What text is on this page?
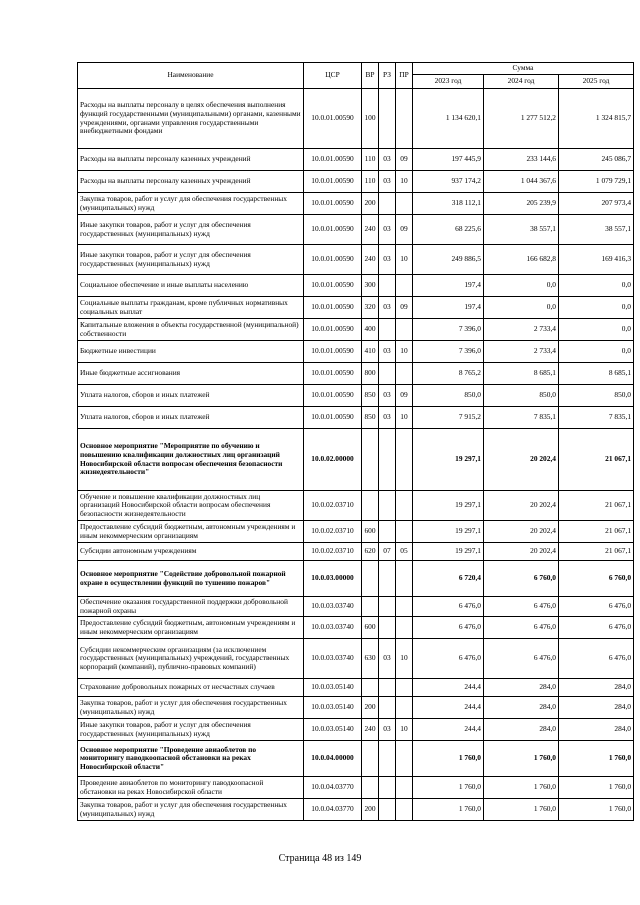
Наименование	ЦСР	ВР	РЗ	ПР	Сумма		
					2023 год	2024 год	2025 год
Расходы на выплаты персоналу в целях обеспечения выполнения функций государственными (муниципальными) органами, казенными учреждениями, органами управления государственными внебюджетными фондами	10.0.01.00590	100			1 134 620,1	1 277 512,2	1 324 815,7
Расходы на выплаты персоналу казенных учреждений	10.0.01.00590	110	03	09	197 445,9	233 144,6	245 086,7
Расходы на выплаты персоналу казенных учреждений	10.0.01.00590	110	03	10	937 174,2	1 044 367,6	1 079 729,1
Закупка товаров, работ и услуг для обеспечения государственных (муниципальных) нужд	10.0.01.00590	200			318 112,1	205 239,9	207 973,4
Иные закупки товаров, работ и услуг для обеспечения государственных (муниципальных) нужд	10.0.01.00590	240	03	09	68 225,6	38 557,1	38 557,1
Иные закупки товаров, работ и услуг для обеспечения государственных (муниципальных) нужд	10.0.01.00590	240	03	10	249 886,5	166 682,8	169 416,3
Социальное обеспечение и иные выплаты населению	10.0.01.00590	300			197,4	0,0	0,0
Социальные выплаты гражданам, кроме публичных нормативных социальных выплат	10.0.01.00590	320	03	09	197,4	0,0	0,0
Капитальные вложения в объекты государственной (муниципальной) собственности	10.0.01.00590	400			7 396,0	2 733,4	0,0
Бюджетные инвестиции	10.0.01.00590	410	03	10	7 396,0	2 733,4	0,0
Иные бюджетные ассигнования	10.0.01.00590	800			8 765,2	8 685,1	8 685,1
Уплата налогов, сборов и иных платежей	10.0.01.00590	850	03	09	850,0	850,0	850,0
Уплата налогов, сборов и иных платежей	10.0.01.00590	850	03	10	7 915,2	7 835,1	7 835,1
Основное мероприятие "Мероприятие по обучению и повышению квалификации должностных лиц организаций Новосибирской области вопросам обеспечения безопасности жизнедеятельности"	10.0.02.00000				19 297,1	20 202,4	21 067,1
Обучение и повышение квалификации должностных лиц организаций Новосибирской области вопросам обеспечения безопасности жизнедеятельности	10.0.02.03710				19 297,1	20 202,4	21 067,1
Предоставление субсидий бюджетным, автономным учреждениям и иным некоммерческим организациям	10.0.02.03710	600			19 297,1	20 202,4	21 067,1
Субсидии автономным учреждениям	10.0.02.03710	620	07	05	19 297,1	20 202,4	21 067,1
Основное мероприятие "Содействие добровольной пожарной охране в осуществлении функций по тушению пожаров"	10.0.03.00000				6 720,4	6 760,0	6 760,0
Обеспечение оказания государственной поддержки добровольной пожарной охраны	10.0.03.03740				6 476,0	6 476,0	6 476,0
Предоставление субсидий бюджетным, автономным учреждениям и иным некоммерческим организациям	10.0.03.03740	600			6 476,0	6 476,0	6 476,0
Субсидии некоммерческим организациям (за исключением государственных (муниципальных) учреждений, государственных корпораций (компаний), публично-правовых компаний)	10.0.03.03740	630	03	10	6 476,0	6 476,0	6 476,0
Страхование добровольных пожарных от несчастных случаев	10.0.03.05140				244,4	284,0	284,0
Закупка товаров, работ и услуг для обеспечения государственных (муниципальных) нужд	10.0.03.05140	200			244,4	284,0	284,0
Иные закупки товаров, работ и услуг для обеспечения государственных (муниципальных) нужд	10.0.03.05140	240	03	10	244,4	284,0	284,0
Основное мероприятие "Проведение авиаоблетов по мониторингу паводкоопасной обстановки на реках Новосибирской области"	10.0.04.00000				1 760,0	1 760,0	1 760,0
Проведение авиаоблетов по мониторингу паводкоопасной обстановки на реках Новосибирской области	10.0.04.03770				1 760,0	1 760,0	1 760,0
Закупка товаров, работ и услуг для обеспечения государственных (муниципальных) нужд	10.0.04.03770	200			1 760,0	1 760,0	1 760,0
Страница 48 из 149
